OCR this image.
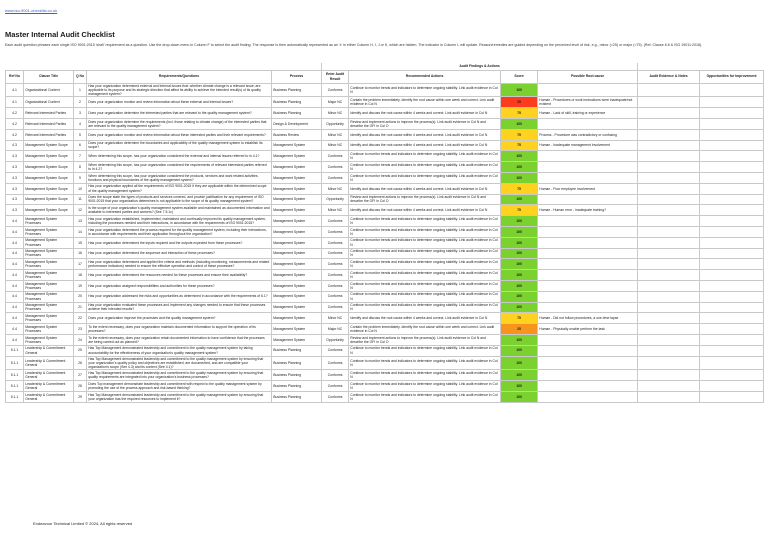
www.iso-9001-checklist.co.uk
Master Internal Audit Checklist
Each audit question phrases each single ISO 9001:2015 'shall' requirement as a question. Use the drop-down menu in Column F to select the audit finding. The response is then automatically represented as an 'x' in either Column H, I, J or K, which are hidden. The indicator in Column L will update. Reason/remedies are guided depending on the perceived level of risk, e.g., minor (<25) or major (<75). (Ref: Clause 6.6 & ISO 19011:2018).
					Audit Findings & Actions					
Ref No	Clause Title	Q No	Requirements/Questions	Process	Enter Audit Result	Recommended Actions	Score	Possible Root cause	Audit Evidence & Notes	Opportunities for Improvement
4.1	Organizational Context	1	Has your organization determined external and internal issues that: whether climate change is a relevant issue; are applicable to its purpose and its strategic direction that affect its ability to achieve the intended result(s) of its quality management system?	Business Planning	Conforms	Continue to monitor trends and indicators to determine ongoing stability. Link audit evidence in Col N	100			
4.1	Organizational Context	2	Does your organization monitor and review information about these external and internal issues?	Business Planning	Major NC	Contain the problem immediately. Identify the root cause within one week and correct. Link audit evidence in Col N	25	Human - Procedures or work instructions were inadequate/not existent		
4.2	Relevant Interested Parties	3	Does your organization determine the interested parties that are relevant to the quality management system?	Business Planning	Minor NC	Identify and discuss the root cause within 4 weeks and correct. Link audit evidence in Col N	75	Human - Lack of skill, training or experience		
4.2	Relevant Interested Parties	4	Does your organization determine the requirements (incl. those relating to climate change) of the interested parties that are relevant to the quality management system?	Design & Development	Opportunity	Review and implement actions to improve the process(s). Link audit evidence in Col N and describe the OFI in Col O	100			
4.2	Relevant Interested Parties	5	Does your organization monitor and review information about these interested parties and their relevant requirements?	Business Review	Minor NC	Identify and discuss the root cause within 4 weeks and correct. Link audit evidence in Col N	75	Process - Procedure was contradictory or confusing		
4.3	Management System Scope	6	Does your organization determine the boundaries and applicability of the quality management system to establish its scope?	Management System	Minor NC	Identify and discuss the root cause within 4 weeks and correct. Link audit evidence in Col N	75	Human - Inadequate management involvement		
4.3	Management System Scope	7	When determining this scope, has your organization considered the external and internal issues referred to in 4.1?	Management System	Conforms	Continue to monitor trends and indicators to determine ongoing stability. Link audit evidence in Col N	100			
4.3	Management System Scope	8	When determining this scope, has your organization considered the requirements of relevant interested parties referred to in 4.2?	Management System	Conforms	Continue to monitor trends and indicators to determine ongoing stability. Link audit evidence in Col N	100			
4.3	Management System Scope	9	When determining this scope, has your organization considered the products, services and work related activities, functions and physical boundaries of the quality management system?	Management System	Conforms	Continue to monitor trends and indicators to determine ongoing stability. Link audit evidence in Col N	100			
4.3	Management System Scope	10	Has your organization applied all the requirements of ISO 9001:2015 if they are applicable within the determined scope of the quality management system?	Management System	Minor NC	Identify and discuss the root cause within 4 weeks and correct. Link audit evidence in Col N	75	Human - Poor employee involvement		
4.3	Management System Scope	11	Does the scope state the types of products and services covered, and provide justification for any requirement of ISO 9001:2015 that your organization determines is not applicable to the scope of its quality management system?	Management System	Opportunity	Review and implement actions to improve the process(s). Link audit evidence in Col N and describe the OFI in Col O	100			
4.3	Management System Scope	12	Is the scope of your organization's quality management system available and maintained as documented information and available to interested parties and workers? (See 7.5.1c)	Management System	Minor NC	Identify and discuss the root cause within 4 weeks and correct. Link audit evidence in Col N	75	Human - Human error - inadequate training?		
4.4	Management System Processes	13	Has your organization established, implemented, maintained and continually improved its quality management system, including the processes needed and their interactions, in accordance with the requirements of ISO 9001:2015?	Management System	Conforms	Continue to monitor trends and indicators to determine ongoing stability. Link audit evidence in Col N	100			
4.4	Management System Processes	14	Has your organization determined the process required for the quality management system, including their interactions, in accordance with requirements and their application throughout the organization?	Management System	Conforms	Continue to monitor trends and indicators to determine ongoing stability. Link audit evidence in Col N	100			
4.4	Management System Processes	15	Has your organization determined the inputs required and the outputs expected from these processes?	Management System	Conforms	Continue to monitor trends and indicators to determine ongoing stability. Link audit evidence in Col N	100			
4.4	Management System Processes	16	Has your organization determined the sequence and interaction of these processes?	Management System	Conforms	Continue to monitor trends and indicators to determine ongoing stability. Link audit evidence in Col N	100			
4.4	Management System Processes	17	Has your organization determined and applied the criteria and methods (including monitoring, measurements and related performance indicators) needed to ensure the effective operation and control of these processes?	Management System	Conforms	Continue to monitor trends and indicators to determine ongoing stability. Link audit evidence in Col N	100			
4.4	Management System Processes	18	Has your organization determined the resources needed for these processes and ensure their availability?	Management System	Conforms	Continue to monitor trends and indicators to determine ongoing stability. Link audit evidence in Col N	100			
4.4	Management System Processes	19	Has your organization assigned responsibilities and authorities for these processes?	Management System	Conforms	Continue to monitor trends and indicators to determine ongoing stability. Link audit evidence in Col N	100			
4.4	Management System Processes	20	Has your organization addressed the risks and opportunities as determined in accordance with the requirements of 6.1?	Management System	Conforms	Continue to monitor trends and indicators to determine ongoing stability. Link audit evidence in Col N	100			
4.4	Management System Processes	21	Has your organization evaluated these processes and implement any changes needed to ensure that these processes achieve their intended results?	Management System	Conforms	Continue to monitor trends and indicators to determine ongoing stability. Link audit evidence in Col N	100			
4.4	Management System Processes	22	Does your organization improve the processes and the quality management system?	Management System	Minor NC	Identify and discuss the root cause within 4 weeks and correct. Link audit evidence in Col N	75	Human - Did not follow procedures, a one-time lapse		
4.4	Management System Processes	23	To the extent necessary, does your organization maintain documented information to support the operation of its processes?	Management System	Major NC	Contain the problem immediately. Identify the root cause within one week and correct. Link audit evidence in Col N	25	Human - Physically unable perform the task		
4.4	Management System Processes	24	To the extent necessary, does your organization retain documented information to have confidence that the processes are being carried out as planned?	Management System	Opportunity	Review and implement actions to improve the process(s). Link audit evidence in Col N and describe the OFI in Col O	100			
5.1.1	Leadership & Commitment General	25	Has Top Management demonstrated leadership and commitment to the quality management system by taking accountability for the effectiveness of your organization's quality management system?	Business Planning	Conforms	Continue to monitor trends and indicators to determine ongoing stability. Link audit evidence in Col N	100			
5.1.1	Leadership & Commitment General	26	Has Top Management demonstrated leadership and commitment to the quality management system by ensuring that your organization's quality policy and objectives are established, are documented, and are compatible your organization's scope (See 4.3) and its context (See 4.1)?	Business Planning	Conforms	Continue to monitor trends and indicators to determine ongoing stability. Link audit evidence in Col N	100			
5.1.1	Leadership & Commitment General	27	Has Top Management demonstrated leadership and commitment to the quality management system by ensuring that quality requirements are integrated into your organization's business processes?	Business Planning	Conforms	Continue to monitor trends and indicators to determine ongoing stability. Link audit evidence in Col N	100			
5.1.1	Leadership & Commitment General	28	Does Top management demonstrate leadership and commitment with respect to the quality management system by promoting the use of the process approach and risk-based thinking?	Business Planning	Conforms	Continue to monitor trends and indicators to determine ongoing stability. Link audit evidence in Col N	100			
5.1.1	Leadership & Commitment General	29	Has Top Management demonstrated leadership and commitment to the quality management system by ensuring that your organization has the required resources to implement it?	Business Planning	Conforms	Continue to monitor trends and indicators to determine ongoing stability. Link audit evidence in Col N	100			
Endeavour Technical Limited © 2024, All rights reserved
